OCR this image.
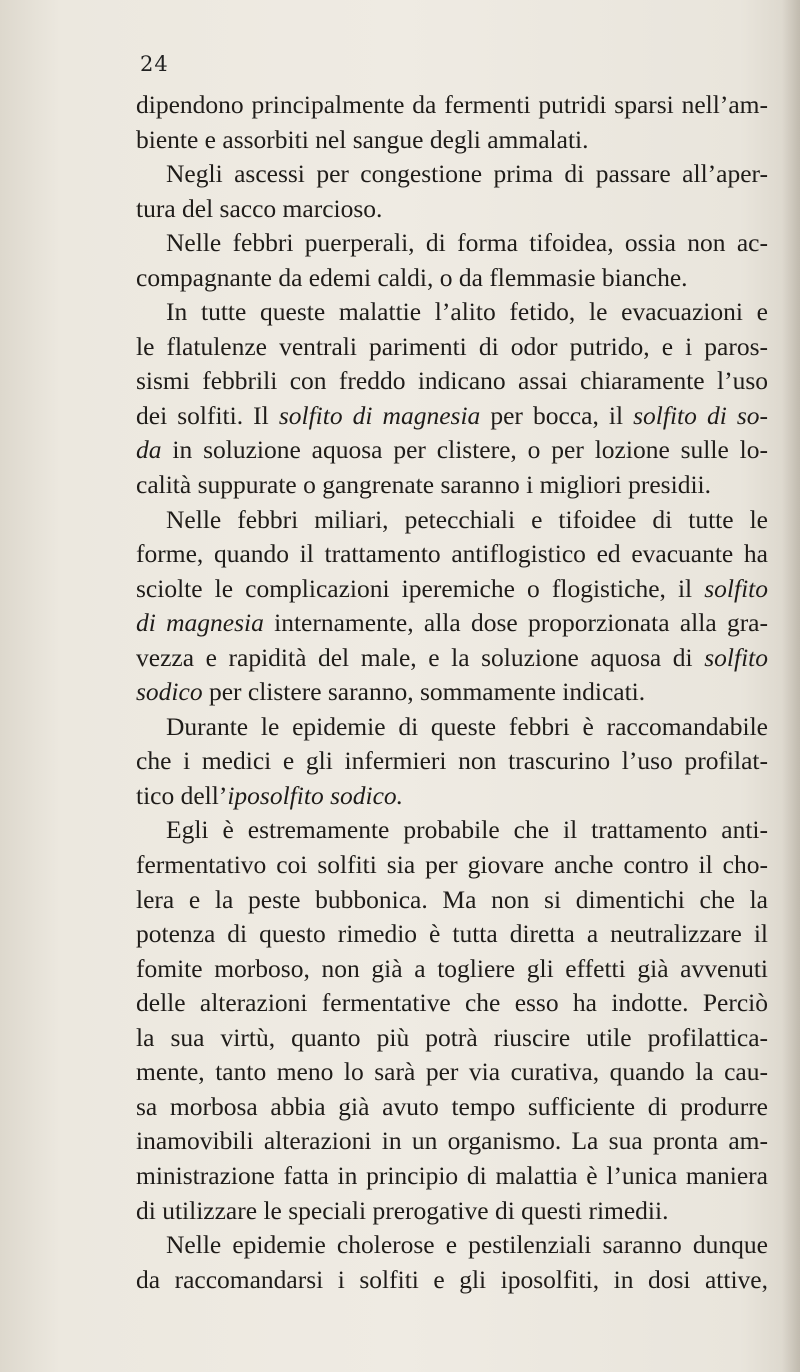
24
dipendono principalmente da fermenti putridi sparsi nell’am-
biente e assorbiti nel sangue degli ammalati.
Negli ascessi per congestione prima di passare all’aper-
tura del sacco marcioso.
Nelle febbri puerperali, di forma tifoidea, ossia non ac-
compagnante da edemi caldi, o da flemmasie bianche.
In tutte queste malattie l’alito fetido, le evacuazioni e
le flatulenze ventrali parimenti di odor putrido, e i paros-
sismi febbrili con freddo indicano assai chiaramente l’uso
dei solfiti. Il solfito di magnesia per bocca, il solfito di so-
da in soluzione aquosa per clistere, o per lozione sulle lo-
calità suppurate o gangrenate saranno i migliori presidii.
Nelle febbri miliari, petecchiali e tifoidee di tutte le
forme, quando il trattamento antiflogistico ed evacuante ha
sciolte le complicazioni iperemiche o flogistiche, il solfito
di magnesia internamente, alla dose proporzionata alla gra-
vezza e rapidità del male, e la soluzione aquosa di solfito
sodico per clistere saranno, sommamente indicati.
Durante le epidemie di queste febbri è raccomandabile
che i medici e gli infermieri non trascurino l’uso profilat-
tico dell’iposolfito sodico.
Egli è estremamente probabile che il trattamento anti-
fermentativo coi solfiti sia per giovare anche contro il cho-
lera e la peste bubbonica. Ma non si dimentichi che la
potenza di questo rimedio è tutta diretta a neutralizzare il
fomite morboso, non già a togliere gli effetti già avvenuti
delle alterazioni fermentative che esso ha indotte. Perciò
la sua virtù, quanto più potrà riuscire utile profilattica-
mente, tanto meno lo sarà per via curativa, quando la cau-
sa morbosa abbia già avuto tempo sufficiente di produrre
inamovibili alterazioni in un organismo. La sua pronta am-
ministrazione fatta in principio di malattia è l’unica maniera
di utilizzare le speciali prerogative di questi rimedii.
Nelle epidemie cholerose e pestilenziali saranno dunque
da raccomandarsi i solfiti e gli iposolfiti, in dosi attive,
